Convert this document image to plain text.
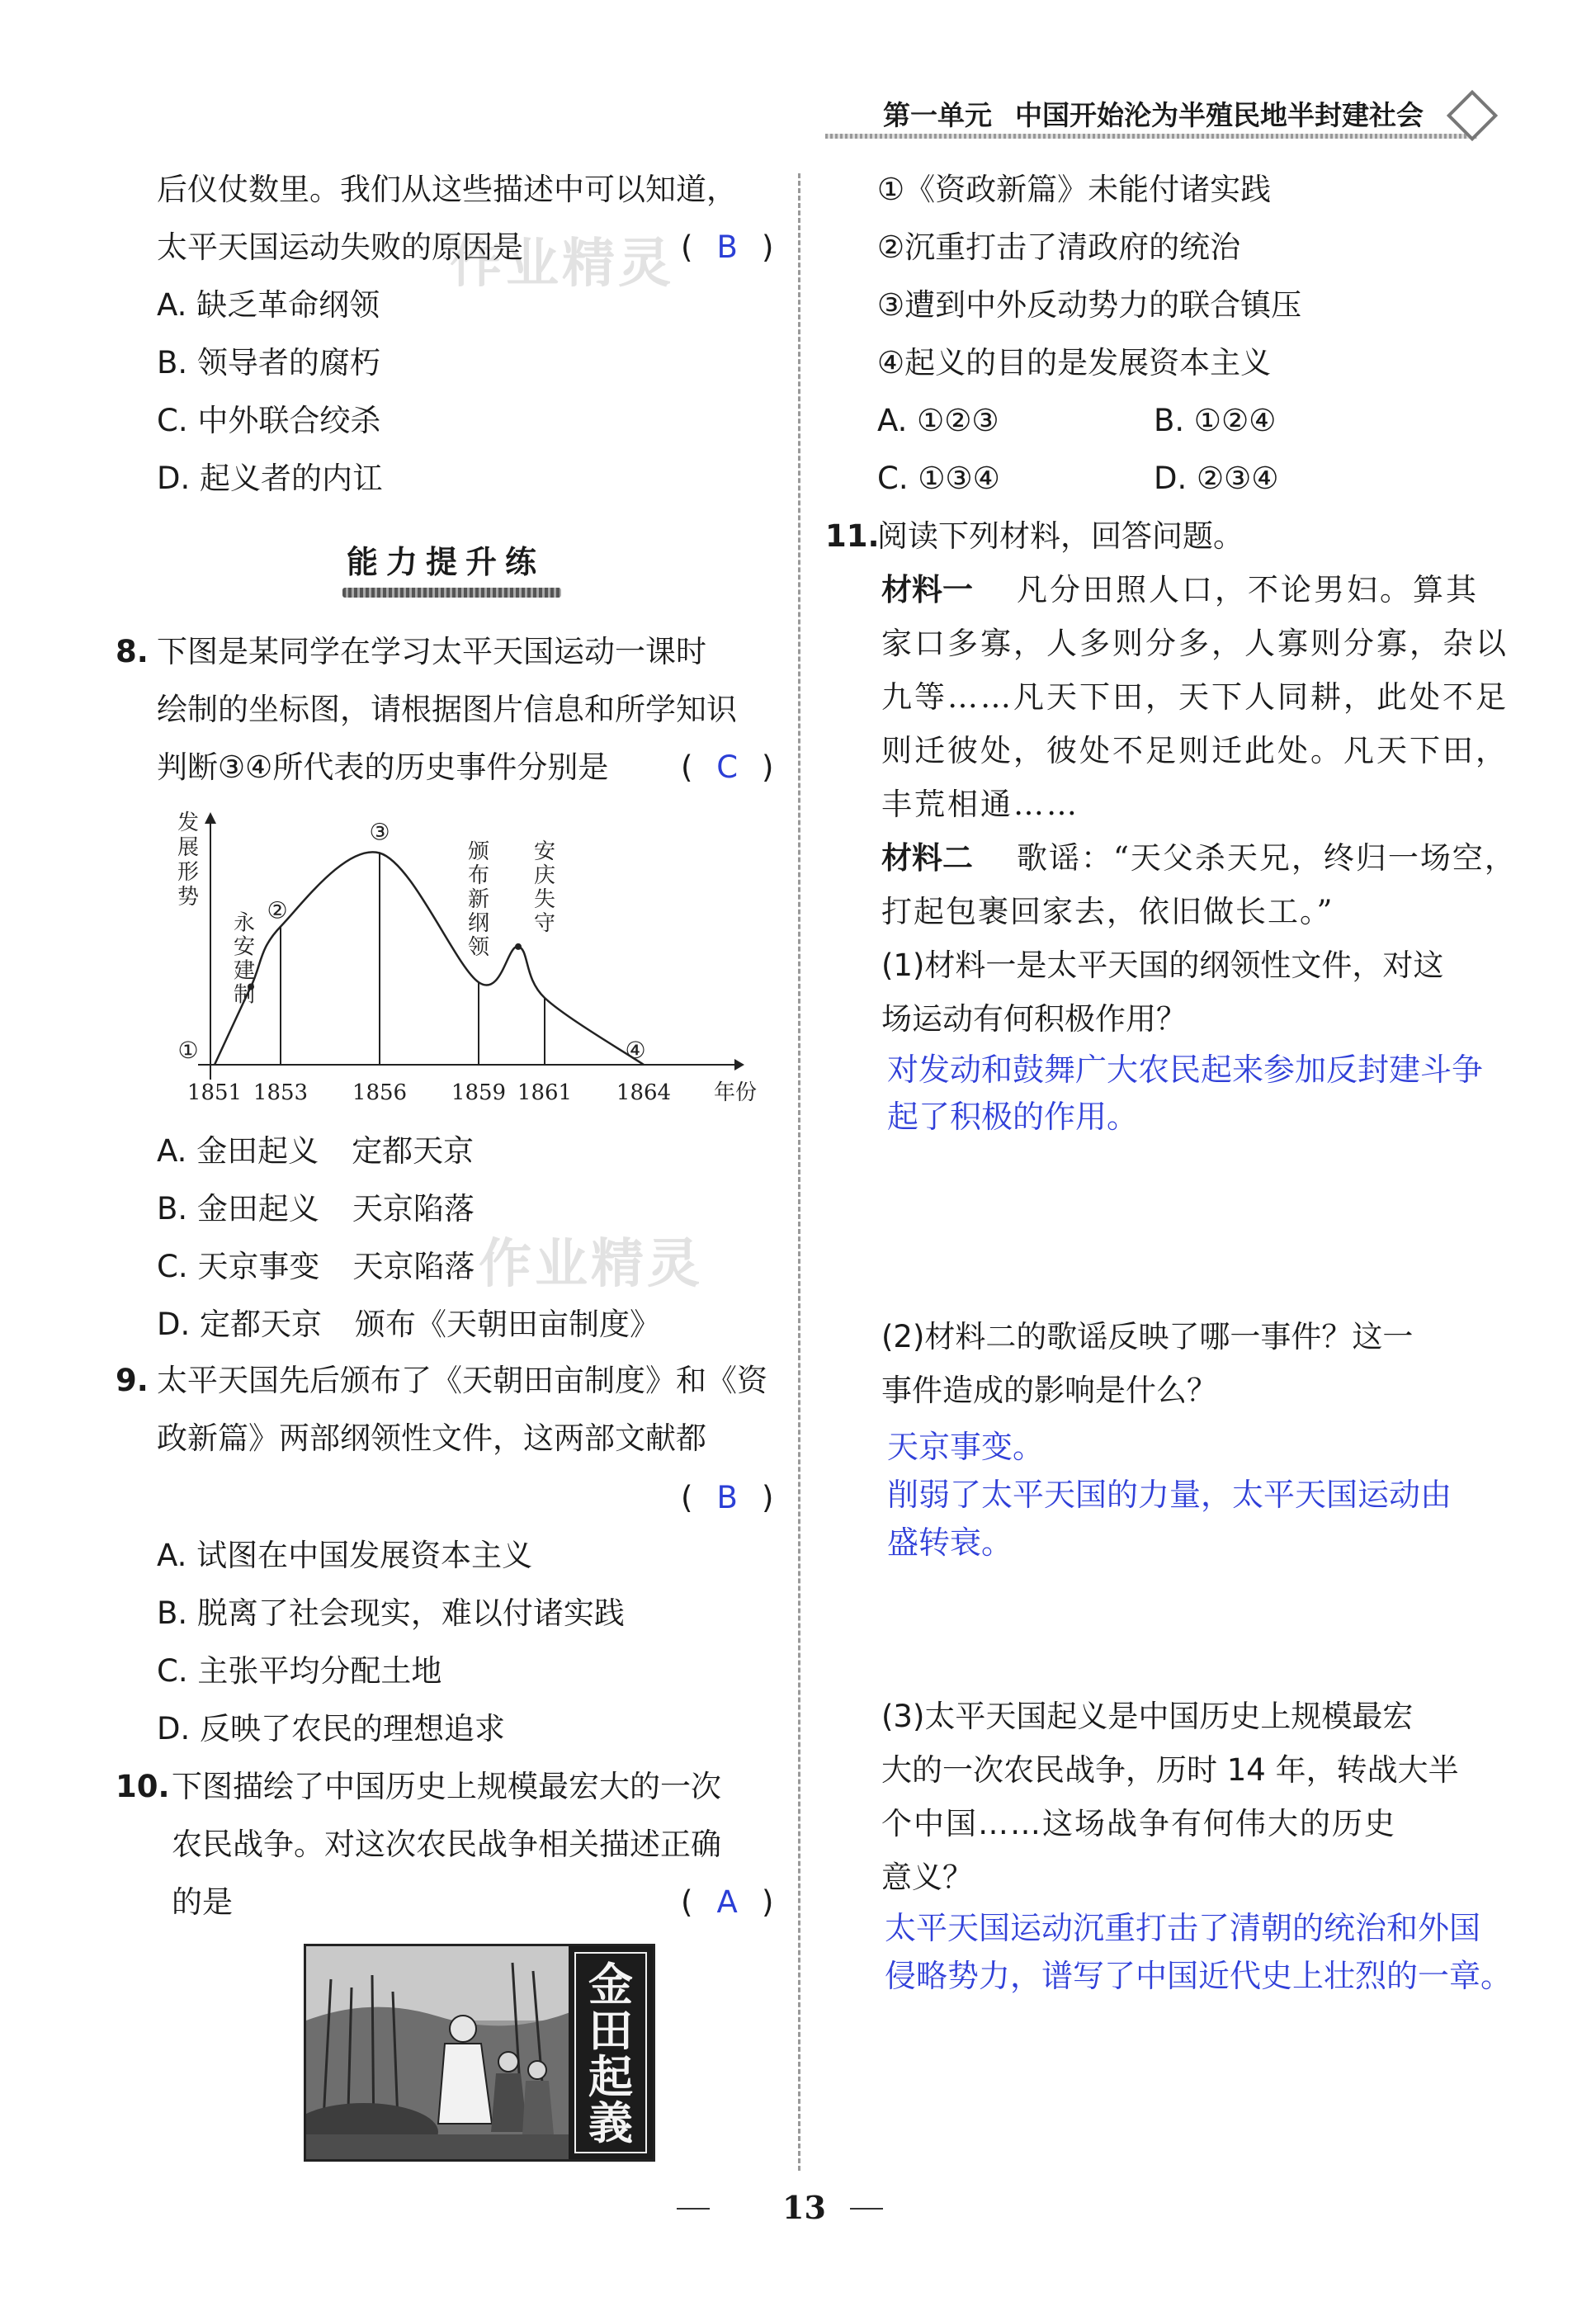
第一单元 中国开始沦为半殖民地半封建社会
作业精灵
作业精灵
后仪仗数里。我们从这些描述中可以知道，
太平天国运动失败的原因是	( B )
A. 缺乏革命纲领
B. 领导者的腐朽
C. 中外联合绞杀
D. 起义者的内讧
能力提升练
8. 下图是某同学在学习太平天国运动一课时
绘制的坐标图，请根据图片信息和所学知识
判断③④所代表的历史事件分别是 ( C )
发展形势
年份
1851 1853 1856 1859 1861 1864
①
②
永安建制
③
颁布新纲领
安庆失守
④
A. 金田起义 定都天京
B. 金田起义 天京陷落
C. 天京事变 天京陷落
D. 定都天京 颁布《天朝田亩制度》
9. 太平天国先后颁布了《天朝田亩制度》和《资
政新篇》两部纲领性文件，这两部文献都
( B )
A. 试图在中国发展资本主义
B. 脱离了社会现实，难以付诸实践
C. 主张平均分配土地
D. 反映了农民的理想追求
10. 下图描绘了中国历史上规模最宏大的一次
农民战争。对这次农民战争相关描述正确
的是	( A )
金田起義
①《资政新篇》未能付诸实践
②沉重打击了清政府的统治
③遭到中外反动势力的联合镇压
④起义的目的是发展资本主义
A. ①②③	B. ①②④
C. ①③④	D. ②③④
11.
阅读下列材料，回答问题。
材料一 凡分田照人口，不论男妇。算其
家口多寡，人多则分多，人寡则分寡，杂以
九等……凡天下田，天下人同耕，此处不足
则迁彼处，彼处不足则迁此处。凡天下田，
丰荒相通……
材料二 歌谣：“天父杀天兄，终归一场空，
打起包裹回家去，依旧做长工。”
(1)材料一是太平天国的纲领性文件，对这
场运动有何积极作用？
对发动和鼓舞广大农民起来参加反封建斗争
起了积极的作用。
(2)材料二的歌谣反映了哪一事件？这一
事件造成的影响是什么？
天京事变。
削弱了太平天国的力量，太平天国运动由
盛转衰。
(3)太平天国起义是中国历史上规模最宏
大的一次农民战争，历时 14 年，转战大半
个中国……这场战争有何伟大的历史
意义？
太平天国运动沉重打击了清朝的统治和外国
侵略势力，谱写了中国近代史上壮烈的一章。
13
